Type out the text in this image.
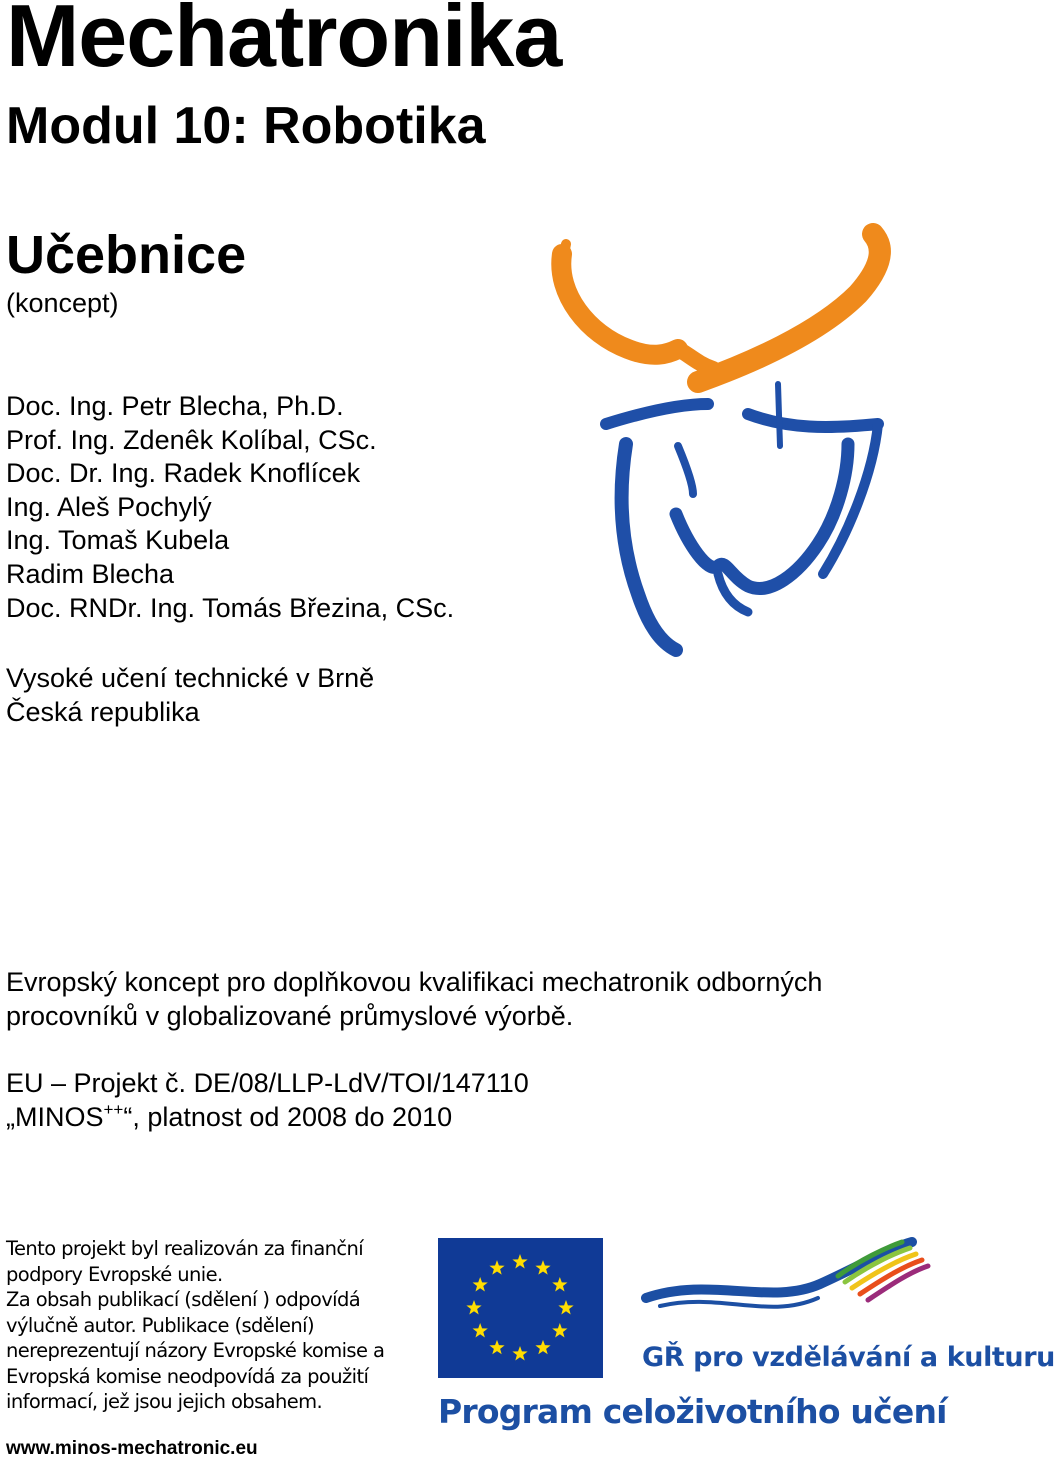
Mechatronika
Modul 10: Robotika
Učebnice
(koncept)
Doc. Ing. Petr Blecha, Ph.D.
Prof. Ing. Zdenêk Kolíbal, CSc.
Doc. Dr. Ing. Radek Knoflícek
Ing. Aleš Pochylý
Ing. Tomaš Kubela
Radim Blecha
Doc. RNDr. Ing. Tomás Březina, CSc.
Vysoké učení technické v Brně
Česká republika
Evropský koncept pro doplňkovou kvalifikaci mechatronik odborných
procovníků v globalizované průmyslové výorbě.
EU – Projekt č. DE/08/LLP-LdV/TOI/147110
„MINOS++“, platnost od 2008 do 2010
Tento projekt byl realizován za finanční
podpory Evropské unie.
Za obsah publikací (sdělení ) odpovídá
výlučně autor. Publikace (sdělení)
nereprezentují názory Evropské komise a
Evropská komise neodpovídá za použití
informací, jež jsou jejich obsahem.
GŘ pro vzdělávání a kulturu
Program celoživotního učení
www.minos-mechatronic.eu
